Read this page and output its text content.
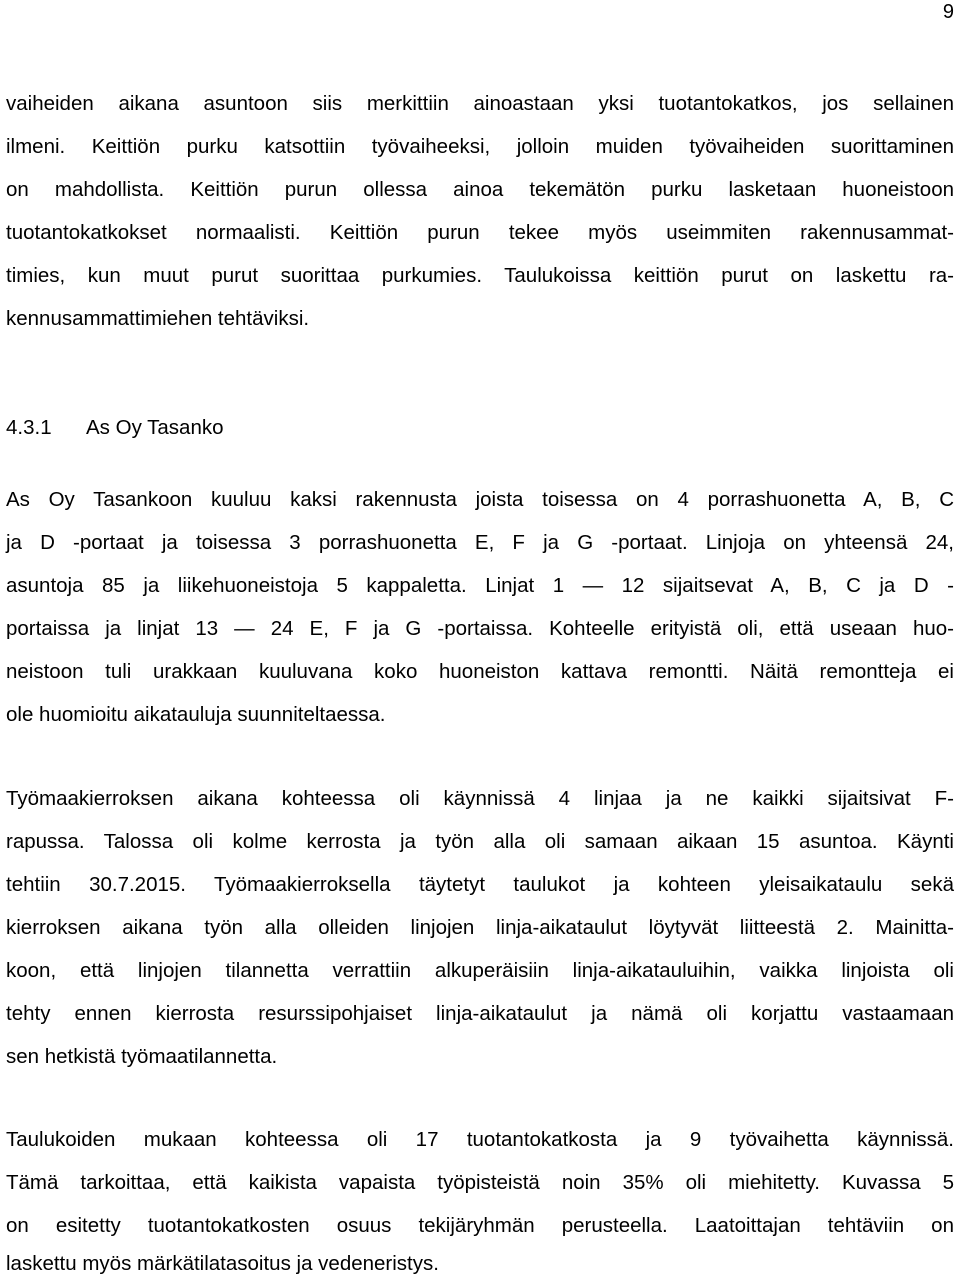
9
vaiheiden aikana asuntoon siis merkittiin ainoastaan yksi tuotantokatkos, jos sellainen
ilmeni. Keittiön purku katsottiin työvaiheeksi, jolloin muiden työvaiheiden suorittaminen
on mahdollista. Keittiön purun ollessa ainoa tekemätön purku lasketaan huoneistoon
tuotantokatkokset normaalisti. Keittiön purun tekee myös useimmiten rakennusammat-
timies, kun muut purut suorittaa purkumies. Taulukoissa keittiön purut on laskettu ra-
kennusammattimiehen tehtäviksi.
4.3.1 As Oy Tasanko
As Oy Tasankoon kuuluu kaksi rakennusta joista toisessa on 4 porrashuonetta A, B, C
ja D -portaat ja toisessa 3 porrashuonetta E, F ja G -portaat. Linjoja on yhteensä 24,
asuntoja 85 ja liikehuoneistoja 5 kappaletta. Linjat 1 — 12 sijaitsevat A, B, C ja D -
portaissa ja linjat 13 — 24 E, F ja G -portaissa. Kohteelle erityistä oli, että useaan huo-
neistoon tuli urakkaan kuuluvana koko huoneiston kattava remontti. Näitä remontteja ei
ole huomioitu aikatauluja suunniteltaessa.
Työmaakierroksen aikana kohteessa oli käynnissä 4 linjaa ja ne kaikki sijaitsivat F-
rapussa. Talossa oli kolme kerrosta ja työn alla oli samaan aikaan 15 asuntoa. Käynti
tehtiin 30.7.2015. Työmaakierroksella täytetyt taulukot ja kohteen yleisaikataulu sekä
kierroksen aikana työn alla olleiden linjojen linja-aikataulut löytyvät liitteestä 2. Mainitta-
koon, että linjojen tilannetta verrattiin alkuperäisiin linja-aikatauluihin, vaikka linjoista oli
tehty ennen kierrosta resurssipohjaiset linja-aikataulut ja nämä oli korjattu vastaamaan
sen hetkistä työmaatilannetta.
Taulukoiden mukaan kohteessa oli 17 tuotantokatkosta ja 9 työvaihetta käynnissä.
Tämä tarkoittaa, että kaikista vapaista työpisteistä noin 35% oli miehitetty. Kuvassa 5
on esitetty tuotantokatkosten osuus tekijäryhmän perusteella. Laatoittajan tehtäviin on
laskettu myös märkätilatasoitus ja vedeneristys.
